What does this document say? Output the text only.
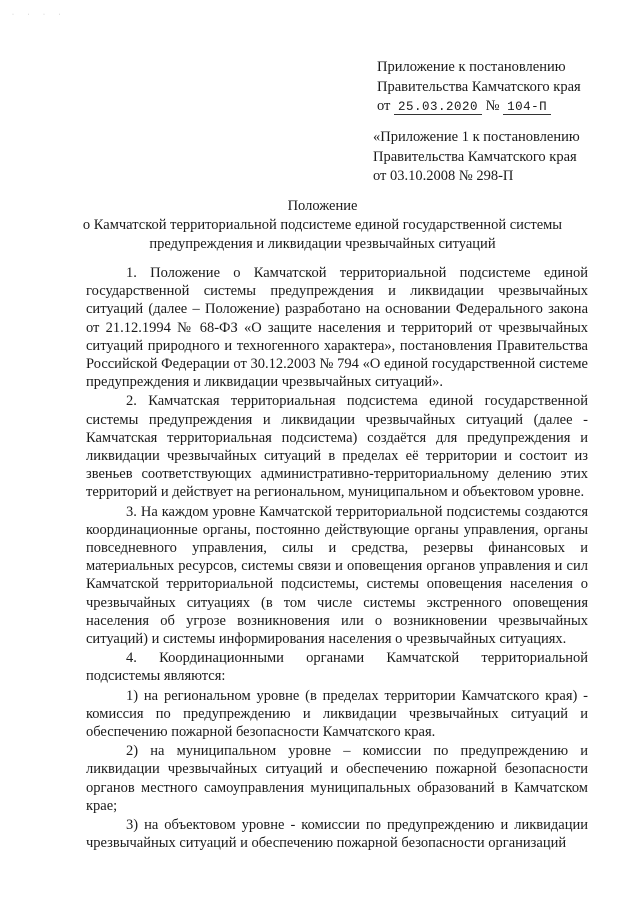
· · · ·
Приложение к постановлению
Правительства Камчатского края
от 25.03.2020 № 104-П
«Приложение 1 к постановлению
Правительства Камчатского края
от 03.10.2008 № 298-П
Положение
о Камчатской территориальной подсистеме единой государственной системы предупреждения и ликвидации чрезвычайных ситуаций

1. Положение о Камчатской территориальной подсистеме единой государственной системы предупреждения и ликвидации чрезвычайных ситуаций (далее – Положение) разработано на основании Федерального закона от 21.12.1994 № 68-ФЗ «О защите населения и территорий от чрезвычайных ситуаций природного и техногенного характера», постановления Правительства Российской Федерации от 30.12.2003 № 794 «О единой государственной системе предупреждения и ликвидации чрезвычайных ситуаций».

2. Камчатская территориальная подсистема единой государственной системы предупреждения и ликвидации чрезвычайных ситуаций (далее - Камчатская территориальная подсистема) создаётся для предупреждения и ликвидации чрезвычайных ситуаций в пределах её территории и состоит из звеньев соответствующих административно-территориальному делению этих территорий и действует на региональном, муниципальном и объектовом уровне.

3. На каждом уровне Камчатской территориальной подсистемы создаются координационные органы, постоянно действующие органы управления, органы повседневного управления, силы и средства, резервы финансовых и материальных ресурсов, системы связи и оповещения органов управления и сил Камчатской территориальной подсистемы, системы оповещения населения о чрезвычайных ситуациях (в том числе системы экстренного оповещения населения об угрозе возникновения или о возникновении чрезвычайных ситуаций) и системы информирования населения о чрезвычайных ситуациях.

4. Координационными органами Камчатской территориальной подсистемы являются:

1) на региональном уровне (в пределах территории Камчатского края) - комиссия по предупреждению и ликвидации чрезвычайных ситуаций и обеспечению пожарной безопасности Камчатского края.

2) на муниципальном уровне – комиссии по предупреждению и ликвидации чрезвычайных ситуаций и обеспечению пожарной безопасности органов местного самоуправления муниципальных образований в Камчатском крае;

3) на объектовом уровне - комиссии по предупреждению и ликвидации чрезвычайных ситуаций и обеспечению пожарной безопасности организаций
